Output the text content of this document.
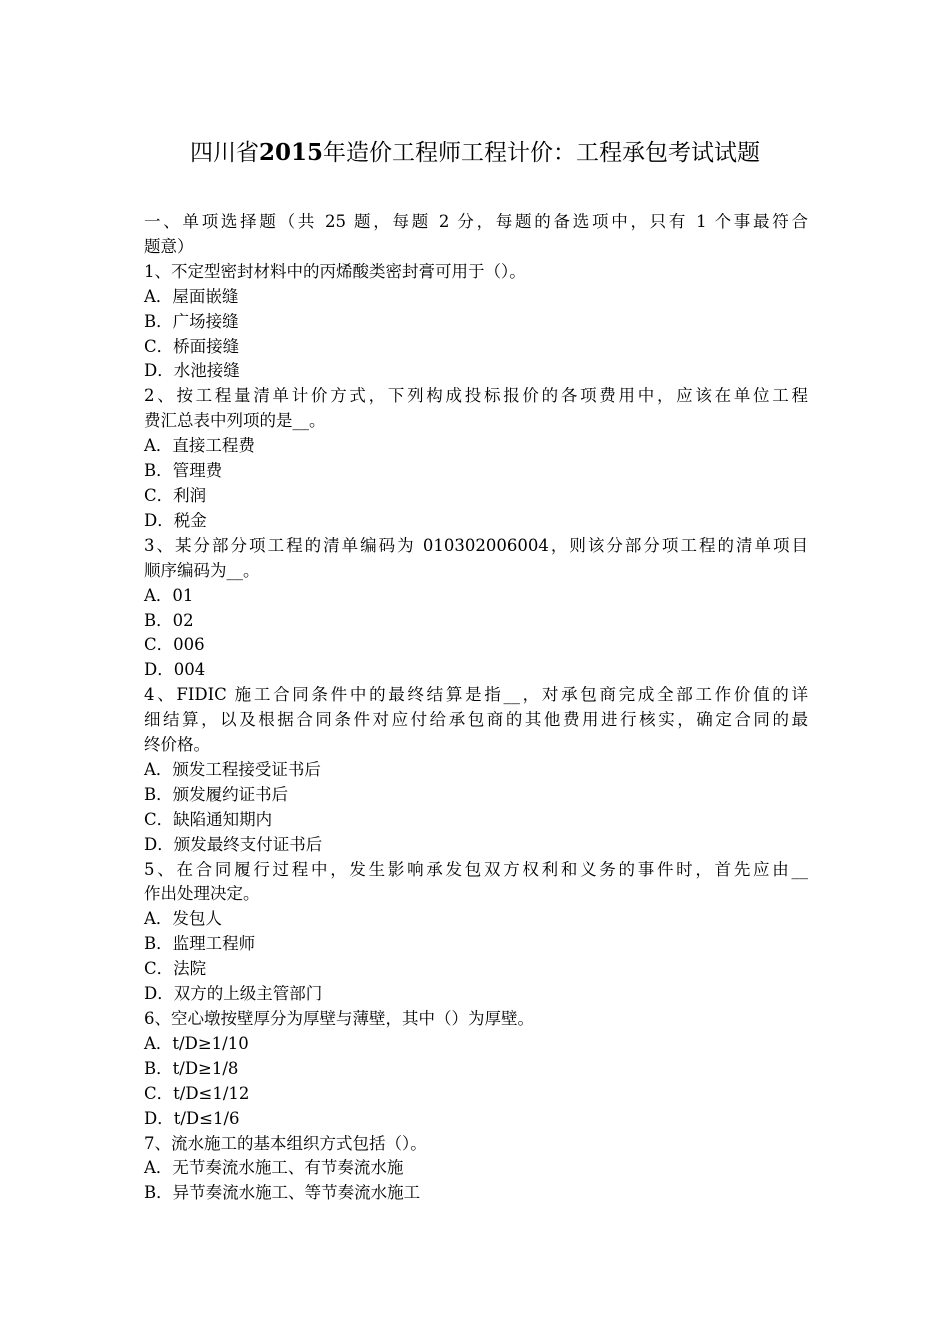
四川省2015年造价工程师工程计价：工程承包考试试题
一、单项选择题（共 25 题，每题 2 分，每题的备选项中，只有 1 个事最符合
题意）
1、不定型密封材料中的丙烯酸类密封膏可用于（）。
A．屋面嵌缝
B．广场接缝
C．桥面接缝
D．水池接缝
2、按工程量清单计价方式，下列构成投标报价的各项费用中，应该在单位工程
费汇总表中列项的是__。
A．直接工程费
B．管理费
C．利润
D．税金
3、某分部分项工程的清单编码为 010302006004，则该分部分项工程的清单项目
顺序编码为__。
A．01
B．02
C．006
D．004
4、FIDIC 施工合同条件中的最终结算是指__，对承包商完成全部工作价值的详
细结算，以及根据合同条件对应付给承包商的其他费用进行核实，确定合同的最
终价格。
A．颁发工程接受证书后
B．颁发履约证书后
C．缺陷通知期内
D．颁发最终支付证书后
5、在合同履行过程中，发生影响承发包双方权利和义务的事件时，首先应由__
作出处理决定。
A．发包人
B．监理工程师
C．法院
D．双方的上级主管部门
6、空心墩按壁厚分为厚壁与薄壁，其中（）为厚壁。
A．t/D≥1/10
B．t/D≥1/8
C．t/D≤1/12
D．t/D≤1/6
7、流水施工的基本组织方式包括（）。
A．无节奏流水施工、有节奏流水施
B．异节奏流水施工、等节奏流水施工
